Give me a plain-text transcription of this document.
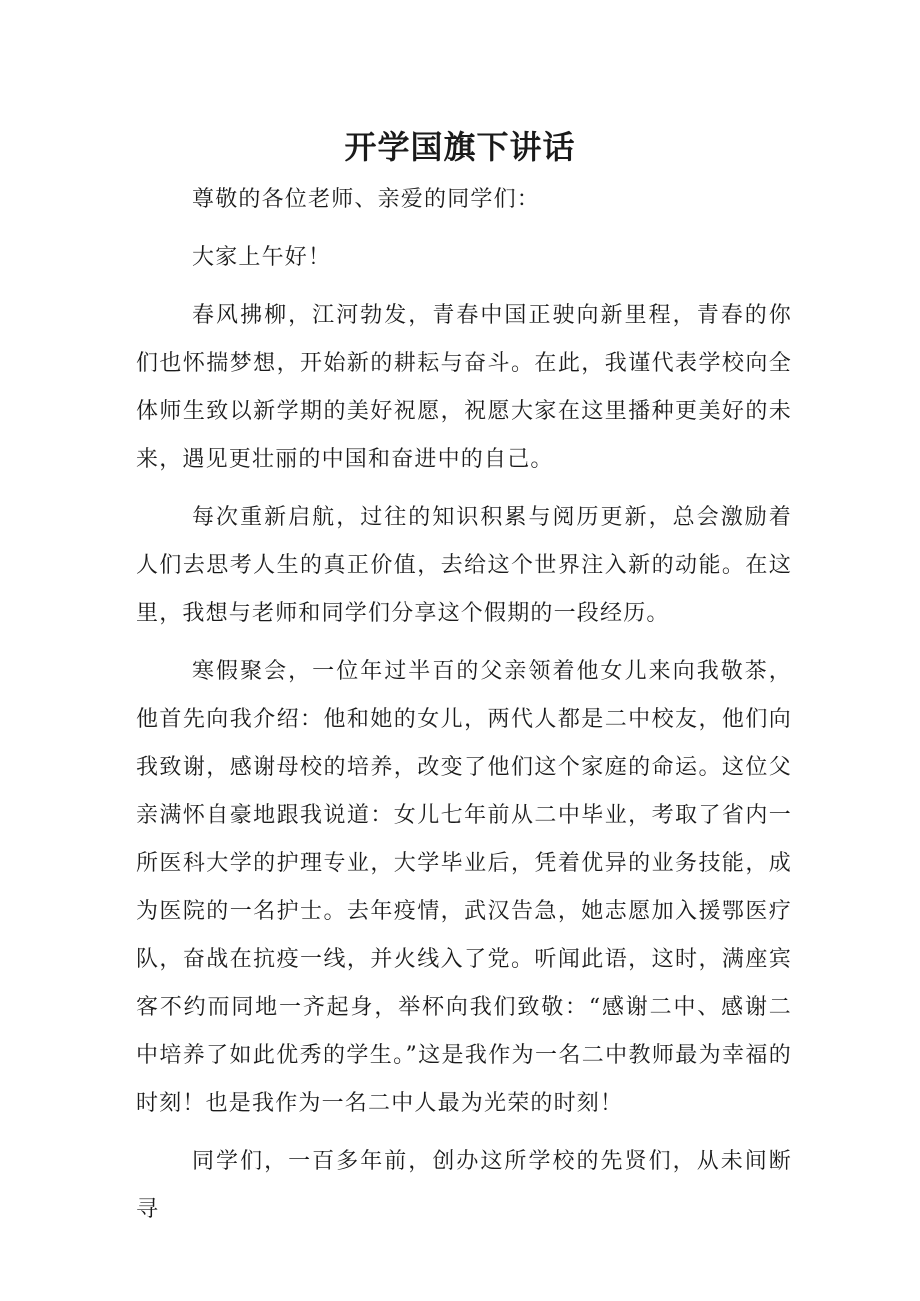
开学国旗下讲话

尊敬的各位老师、亲爱的同学们：

大家上午好！

春风拂柳，江河勃发，青春中国正驶向新里程，青春的你们也怀揣梦想，开始新的耕耘与奋斗。在此，我谨代表学校向全体师生致以新学期的美好祝愿，祝愿大家在这里播种更美好的未来，遇见更壮丽的中国和奋进中的自己。

每次重新启航，过往的知识积累与阅历更新，总会激励着人们去思考人生的真正价值，去给这个世界注入新的动能。在这里，我想与老师和同学们分享这个假期的一段经历。

寒假聚会，一位年过半百的父亲领着他女儿来向我敬茶，他首先向我介绍：他和她的女儿，两代人都是二中校友，他们向我致谢，感谢母校的培养，改变了他们这个家庭的命运。这位父亲满怀自豪地跟我说道：女儿七年前从二中毕业，考取了省内一所医科大学的护理专业，大学毕业后，凭着优异的业务技能，成为医院的一名护士。去年疫情，武汉告急，她志愿加入援鄂医疗队，奋战在抗疫一线，并火线入了党。听闻此语，这时，满座宾客不约而同地一齐起身，举杯向我们致敬：“感谢二中、感谢二中培养了如此优秀的学生。”这是我作为一名二中教师最为幸福的时刻！也是我作为一名二中人最为光荣的时刻！

同学们，一百多年前，创办这所学校的先贤们，从未间断寻
